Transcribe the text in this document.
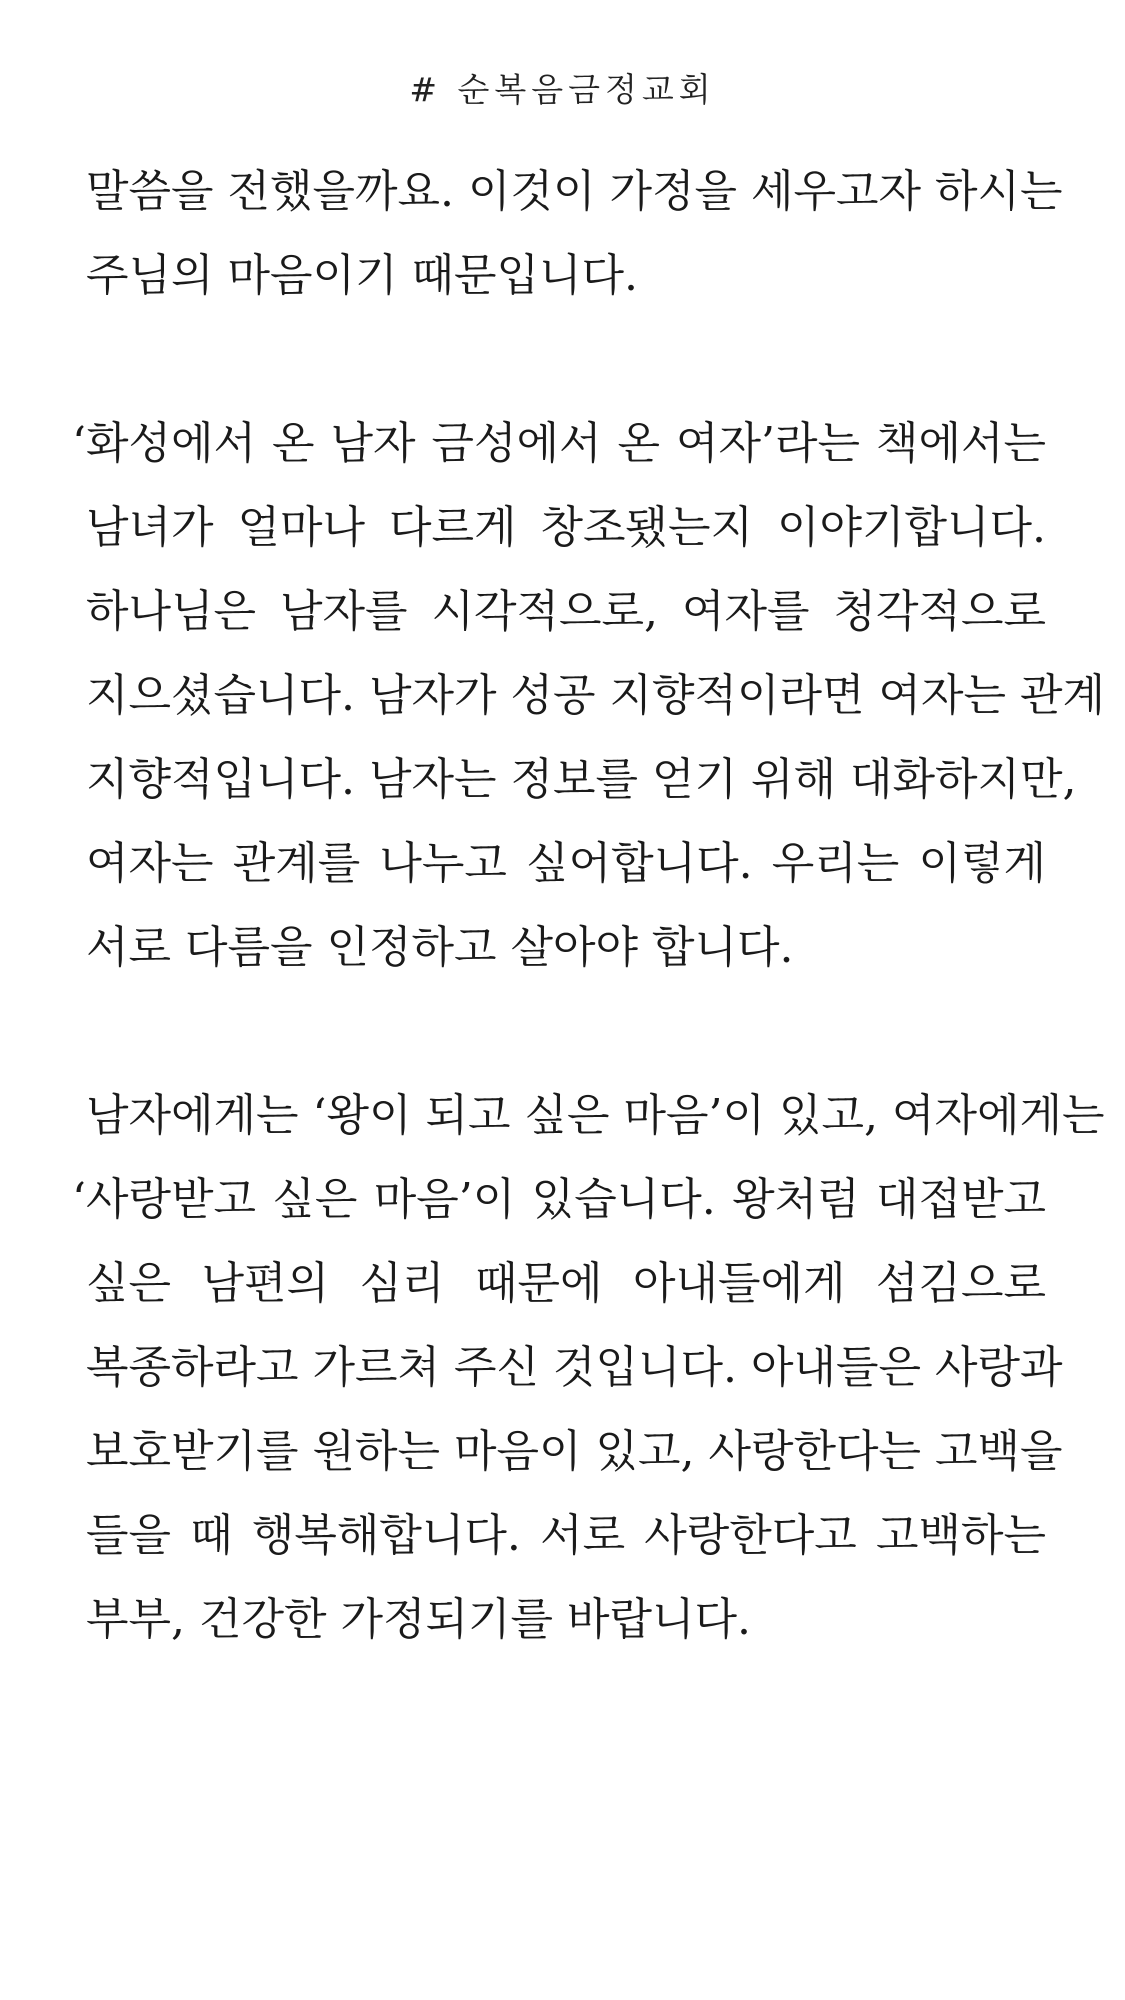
# 순복음금정교회
말씀을 전했을까요. 이것이 가정을 세우고자 하시는
주님의 마음이기 때문입니다.
‘화성에서 온 남자 금성에서 온 여자’라는 책에서는
남녀가 얼마나 다르게 창조됐는지 이야기합니다.
하나님은 남자를 시각적으로, 여자를 청각적으로
지으셨습니다. 남자가 성공 지향적이라면 여자는 관계
지향적입니다. 남자는 정보를 얻기 위해 대화하지만,
여자는 관계를 나누고 싶어합니다. 우리는 이렇게
서로 다름을 인정하고 살아야 합니다.
남자에게는 ‘왕이 되고 싶은 마음’이 있고, 여자에게는
‘사랑받고 싶은 마음’이 있습니다. 왕처럼 대접받고
싶은 남편의 심리 때문에 아내들에게 섬김으로
복종하라고 가르쳐 주신 것입니다. 아내들은 사랑과
보호받기를 원하는 마음이 있고, 사랑한다는 고백을
들을 때 행복해합니다. 서로 사랑한다고 고백하는
부부, 건강한 가정되기를 바랍니다.
